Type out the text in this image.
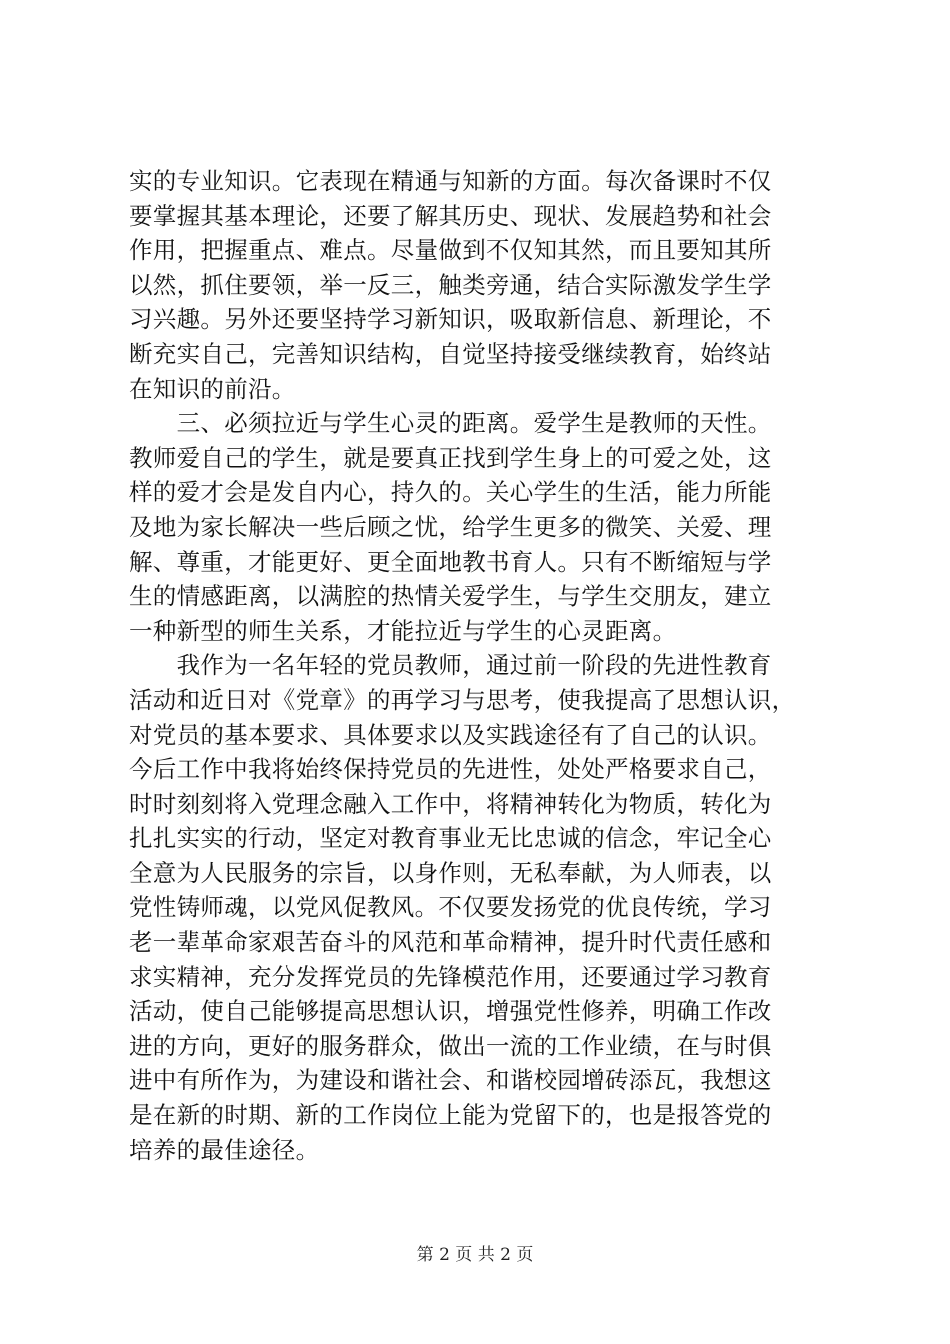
实的专业知识。它表现在精通与知新的方面。每次备课时不仅
要掌握其基本理论，还要了解其历史、现状、发展趋势和社会
作用，把握重点、难点。尽量做到不仅知其然，而且要知其所
以然，抓住要领，举一反三，触类旁通，结合实际激发学生学
习兴趣。另外还要坚持学习新知识，吸取新信息、新理论，不
断充实自己，完善知识结构，自觉坚持接受继续教育，始终站
在知识的前沿。
　　三、必须拉近与学生心灵的距离。爱学生是教师的天性。
教师爱自己的学生，就是要真正找到学生身上的可爱之处，这
样的爱才会是发自内心，持久的。关心学生的生活，能力所能
及地为家长解决一些后顾之忧，给学生更多的微笑、关爱、理
解、尊重，才能更好、更全面地教书育人。只有不断缩短与学
生的情感距离，以满腔的热情关爱学生，与学生交朋友，建立
一种新型的师生关系，才能拉近与学生的心灵距离。
　　我作为一名年轻的党员教师，通过前一阶段的先进性教育
活动和近日对《党章》的再学习与思考，使我提高了思想认识，
对党员的基本要求、具体要求以及实践途径有了自己的认识。
今后工作中我将始终保持党员的先进性，处处严格要求自己，
时时刻刻将入党理念融入工作中，将精神转化为物质，转化为
扎扎实实的行动，坚定对教育事业无比忠诚的信念，牢记全心
全意为人民服务的宗旨，以身作则，无私奉献，为人师表，以
党性铸师魂，以党风促教风。不仅要发扬党的优良传统，学习
老一辈革命家艰苦奋斗的风范和革命精神，提升时代责任感和
求实精神，充分发挥党员的先锋模范作用，还要通过学习教育
活动，使自己能够提高思想认识，增强党性修养，明确工作改
进的方向，更好的服务群众，做出一流的工作业绩，在与时俱
进中有所作为，为建设和谐社会、和谐校园增砖添瓦，我想这
是在新的时期、新的工作岗位上能为党留下的，也是报答党的
培养的最佳途径。
第 2 页 共 2 页
